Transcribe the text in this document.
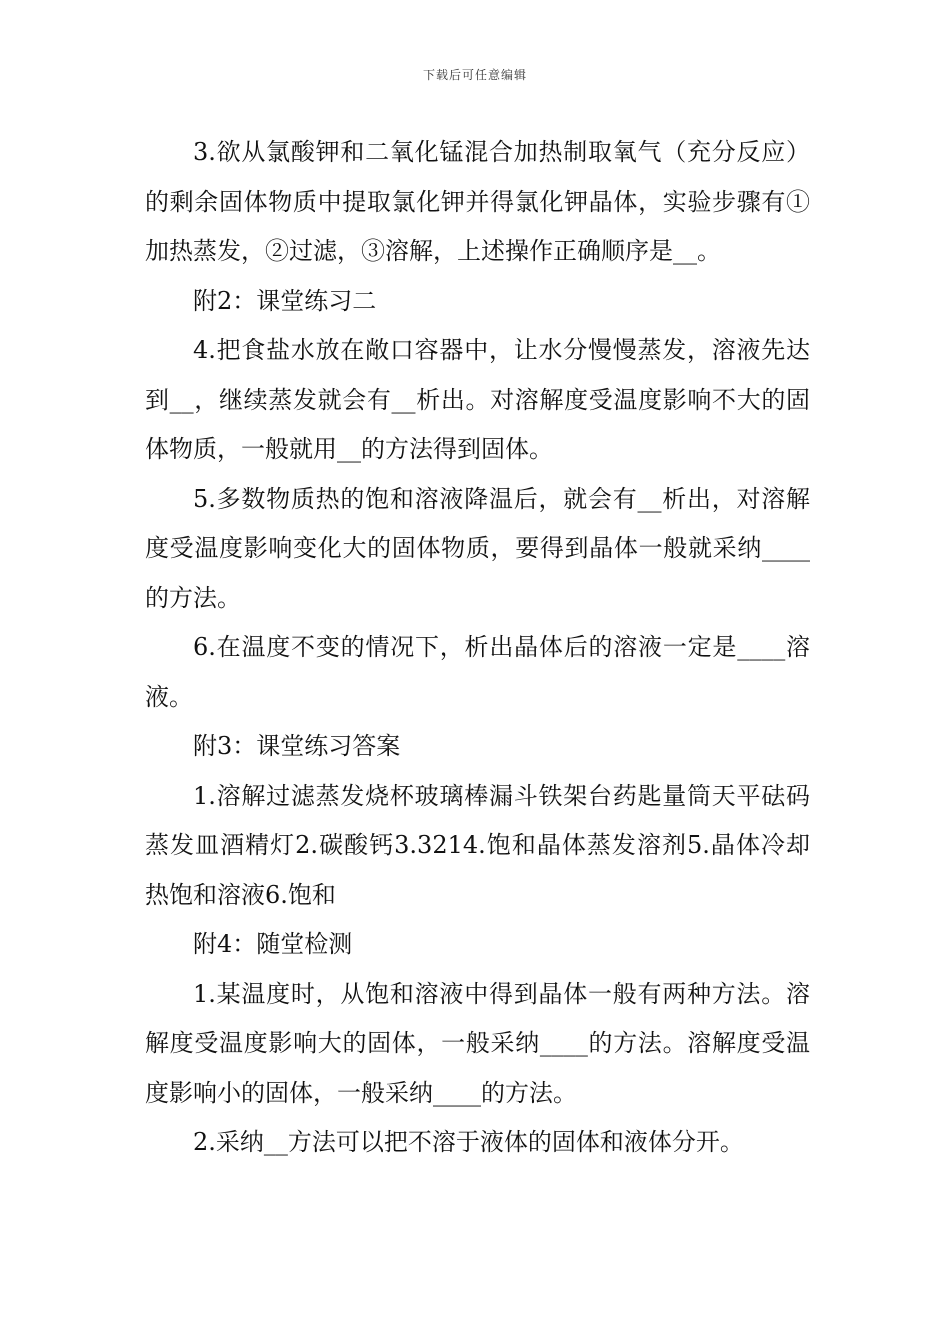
下载后可任意编辑

3.欲从氯酸钾和二氧化锰混合加热制取氧气（充分反应）的剩余固体物质中提取氯化钾并得氯化钾晶体，实验步骤有①加热蒸发，②过滤，③溶解，上述操作正确顺序是__。

附2：课堂练习二

4.把食盐水放在敞口容器中，让水分慢慢蒸发，溶液先达到__，继续蒸发就会有__析出。对溶解度受温度影响不大的固体物质，一般就用__的方法得到固体。

5.多数物质热的饱和溶液降温后，就会有__析出，对溶解度受温度影响变化大的固体物质，要得到晶体一般就采纳____的方法。

6.在温度不变的情况下，析出晶体后的溶液一定是____溶液。

附3：课堂练习答案

1.溶解过滤蒸发烧杯玻璃棒漏斗铁架台药匙量筒天平砝码蒸发皿酒精灯2.碳酸钙3.3214.饱和晶体蒸发溶剂5.晶体冷却热饱和溶液6.饱和

附4：随堂检测

1.某温度时，从饱和溶液中得到晶体一般有两种方法。溶解度受温度影响大的固体，一般采纳____的方法。溶解度受温度影响小的固体，一般采纳____的方法。

2.采纳__方法可以把不溶于液体的固体和液体分开。
